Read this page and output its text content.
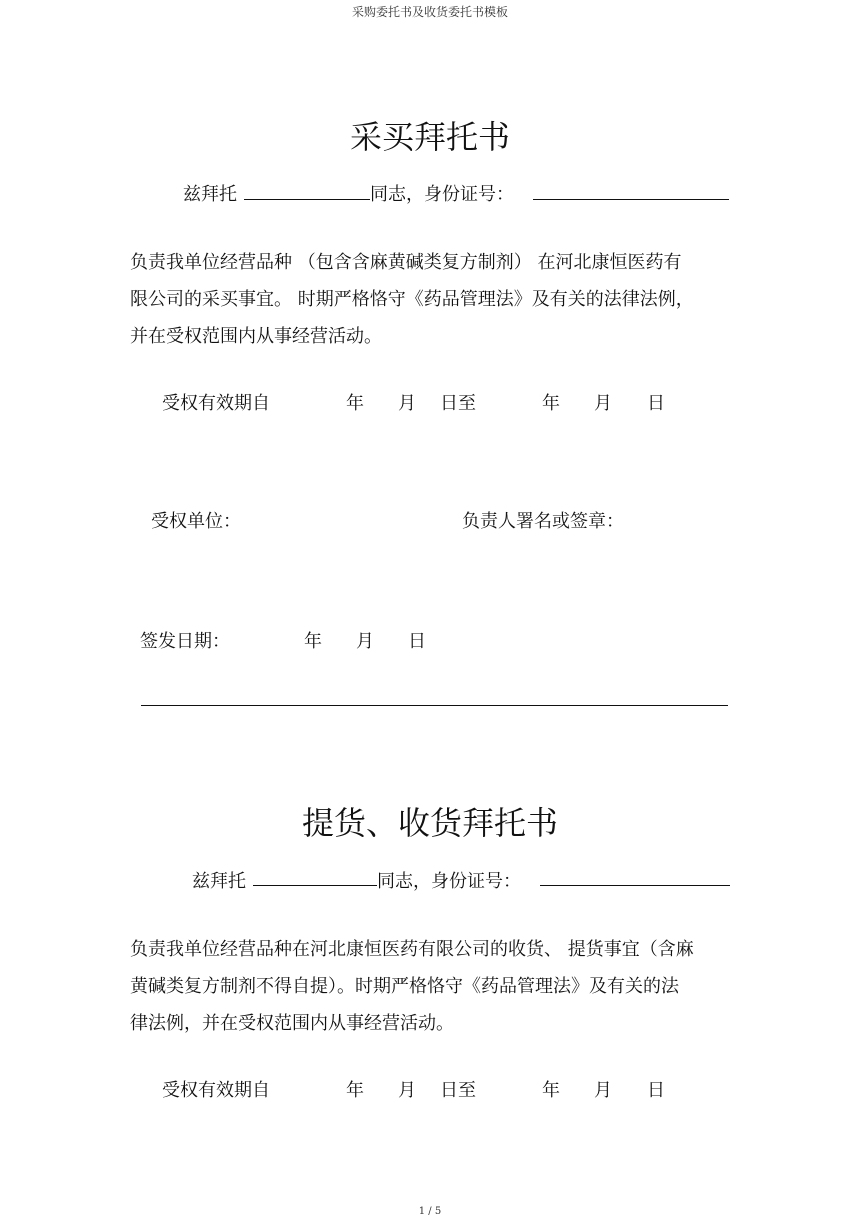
采购委托书及收货委托书模板
采买拜托书
兹拜托	同志，身份证号：
负责我单位经营品种 （包含含麻黄碱类复方制剂） 在河北康恒医药有
限公司的采买事宜。 时期严格恪守《药品管理法》及有关的法律法例，
并在受权范围内从事经营活动。
受权有效期自	年 月 日至	年 月 日
受权单位：	负责人署名或签章：
签发日期：	年 月 日
提货、收货拜托书
兹拜托	同志，身份证号：
负责我单位经营品种在河北康恒医药有限公司的收货、 提货事宜（含麻
黄碱类复方制剂不得自提）。时期严格恪守《药品管理法》及有关的法
律法例，并在受权范围内从事经营活动。
受权有效期自	年 月 日至	年 月 日
1 / 5
